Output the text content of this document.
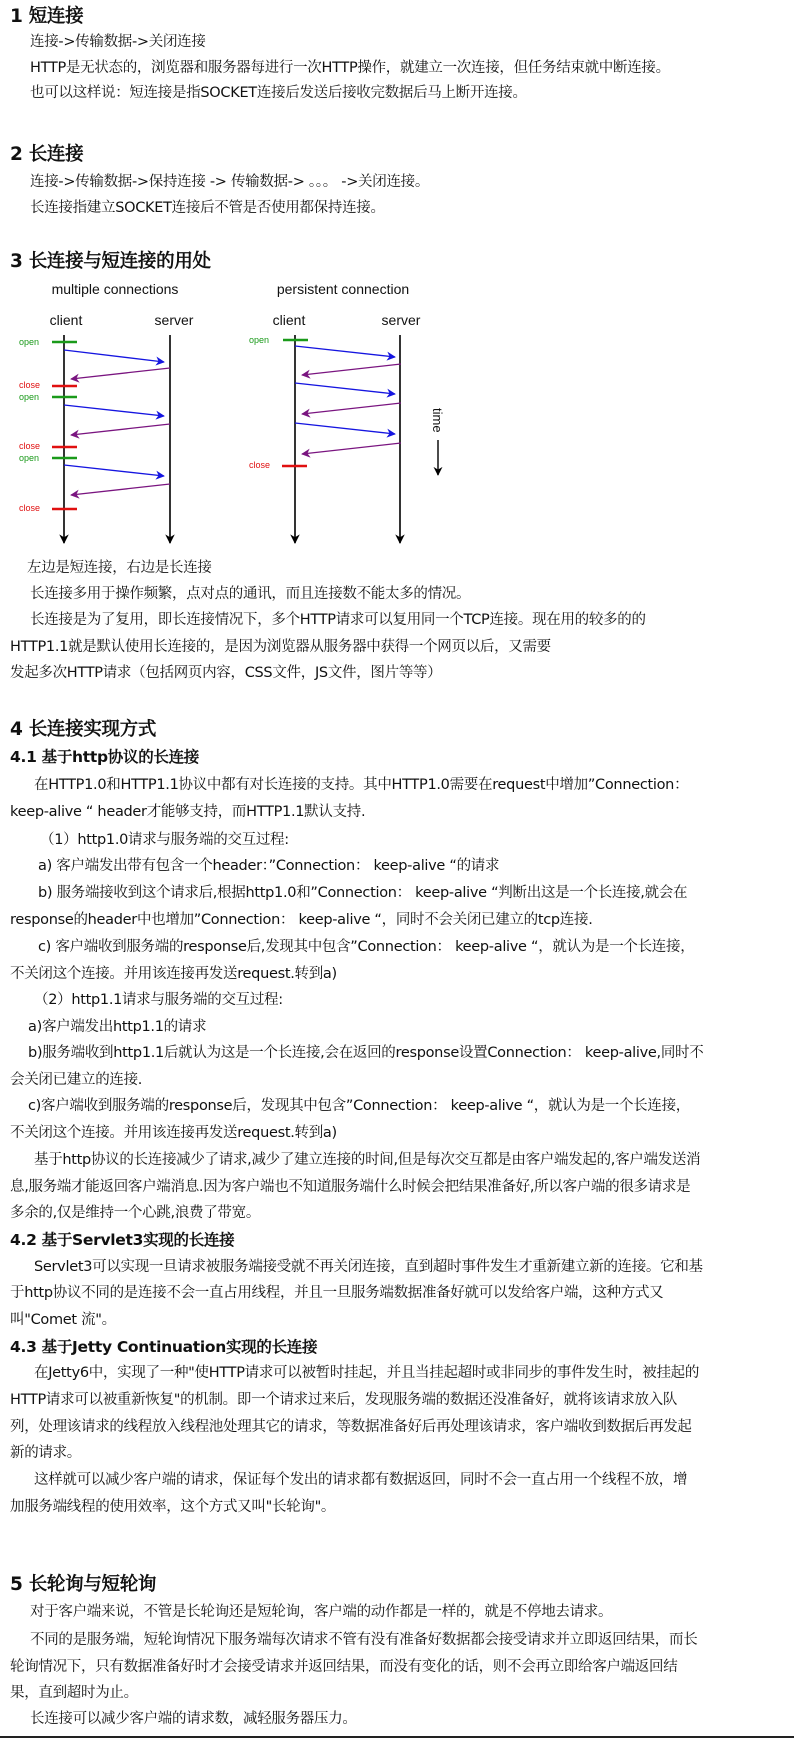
1 短连接
连接->传输数据->关闭连接
HTTP是无状态的，浏览器和服务器每进行一次HTTP操作，就建立一次连接，但任务结束就中断连接。
也可以这样说：短连接是指SOCKET连接后发送后接收完数据后马上断开连接。
2 长连接
连接->传输数据->保持连接 -> 传输数据-> 。。。 ->关闭连接。
长连接指建立SOCKET连接后不管是否使用都保持连接。
3 长连接与短连接的用处
multiple connections	persistent connection
client	server	client	server
open
close
open
close
open
close
open
close
time
左边是短连接，右边是长连接
长连接多用于操作频繁，点对点的通讯，而且连接数不能太多的情况。
长连接是为了复用，即长连接情况下，多个HTTP请求可以复用同一个TCP连接。现在用的较多的的
HTTP1.1就是默认使用长连接的，是因为浏览器从服务器中获得一个网页以后，又需要
发起多次HTTP请求（包括网页内容，CSS文件，JS文件，图片等等）
4 长连接实现方式
4.1 基于http协议的长连接
在HTTP1.0和HTTP1.1协议中都有对长连接的支持。其中HTTP1.0需要在request中增加”Connection：
keep-alive “ header才能够支持，而HTTP1.1默认支持.
（1）http1.0请求与服务端的交互过程:
a) 客户端发出带有包含一个header：”Connection： keep-alive “的请求
b) 服务端接收到这个请求后,根据http1.0和”Connection： keep-alive “判断出这是一个长连接,就会在
response的header中也增加”Connection： keep-alive “，同时不会关闭已建立的tcp连接.
c) 客户端收到服务端的response后,发现其中包含”Connection： keep-alive “，就认为是一个长连接，
不关闭这个连接。并用该连接再发送request.转到a)
（2）http1.1请求与服务端的交互过程:
a)客户端发出http1.1的请求
b)服务端收到http1.1后就认为这是一个长连接,会在返回的response设置Connection： keep-alive,同时不
会关闭已建立的连接.
c)客户端收到服务端的response后，发现其中包含”Connection： keep-alive “，就认为是一个长连接，
不关闭这个连接。并用该连接再发送request.转到a)
基于http协议的长连接减少了请求,减少了建立连接的时间,但是每次交互都是由客户端发起的,客户端发送消
息,服务端才能返回客户端消息.因为客户端也不知道服务端什么时候会把结果准备好,所以客户端的很多请求是
多余的,仅是维持一个心跳,浪费了带宽。
4.2 基于Servlet3实现的长连接
Servlet3可以实现一旦请求被服务端接受就不再关闭连接，直到超时事件发生才重新建立新的连接。它和基
于http协议不同的是连接不会一直占用线程，并且一旦服务端数据准备好就可以发给客户端，这种方式又
叫"Comet 流"。
4.3 基于Jetty Continuation实现的长连接
在Jetty6中，实现了一种"使HTTP请求可以被暂时挂起，并且当挂起超时或非同步的事件发生时，被挂起的
HTTP请求可以被重新恢复"的机制。即一个请求过来后，发现服务端的数据还没准备好，就将该请求放入队
列，处理该请求的线程放入线程池处理其它的请求，等数据准备好后再处理该请求，客户端收到数据后再发起
新的请求。
这样就可以减少客户端的请求，保证每个发出的请求都有数据返回，同时不会一直占用一个线程不放，增
加服务端线程的使用效率，这个方式又叫"长轮询"。
5 长轮询与短轮询
对于客户端来说，不管是长轮询还是短轮询，客户端的动作都是一样的，就是不停地去请求。
不同的是服务端，短轮询情况下服务端每次请求不管有没有准备好数据都会接受请求并立即返回结果，而长
轮询情况下，只有数据准备好时才会接受请求并返回结果，而没有变化的话，则不会再立即给客户端返回结
果，直到超时为止。
长连接可以减少客户端的请求数，减轻服务器压力。
